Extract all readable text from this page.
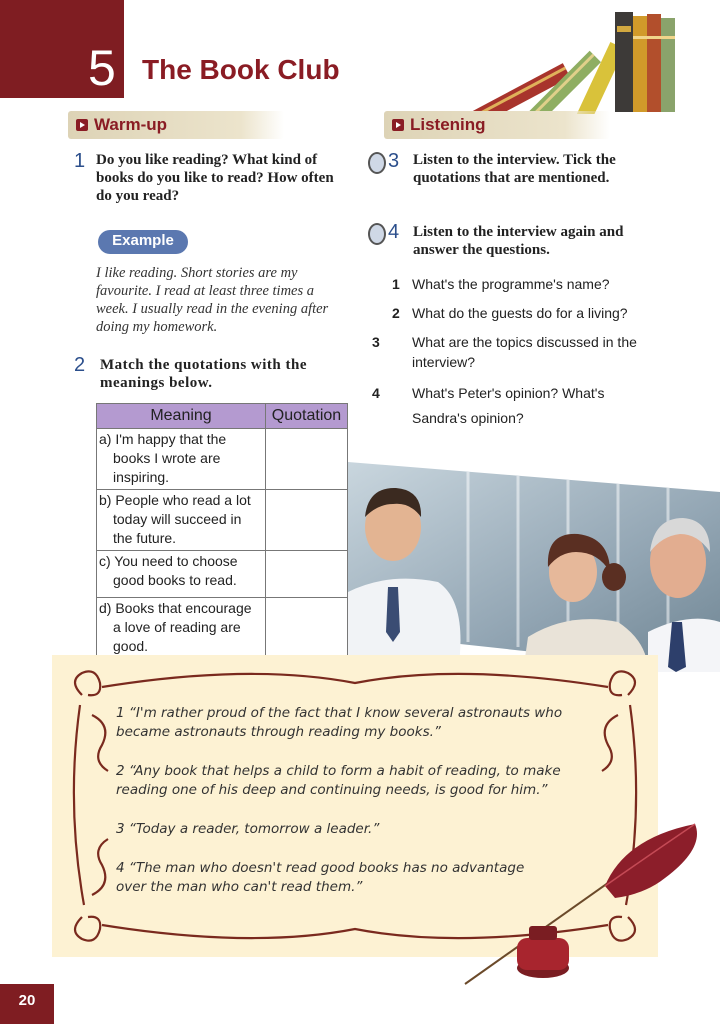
5 The Book Club
Warm-up	Listening
1 Do you like reading? What kind of books do you like to read? How often do you read?
Example
I like reading. Short stories are my favourite. I read at least three times a week. I usually read in the evening after doing my homework.
2 Match the quotations with the meanings below.
Meaning	Quotation

a) I'm happy that the books I wrote are inspiring.	

b) People who read a lot today will succeed in the future.	

c) You need to choose good books to read.	

d) Books that encourage a love of reading are good.	

3 Listen to the interview. Tick the quotations that are mentioned.
4 Listen to the interview again and answer the questions.
1 What's the programme's name?
2 What do the guests do for a living?
3 What are the topics discussed in the interview?
4 What's Peter's opinion? What's Sandra's opinion?
1 “I'm rather proud of the fact that I know several astronauts who became astronauts through reading my books.”
2 “Any book that helps a child to form a habit of reading, to make reading one of his deep and continuing needs, is good for him.”
3 “Today a reader, tomorrow a leader.”
4 “The man who doesn't read good books has no advantage over the man who can't read them.”
20
